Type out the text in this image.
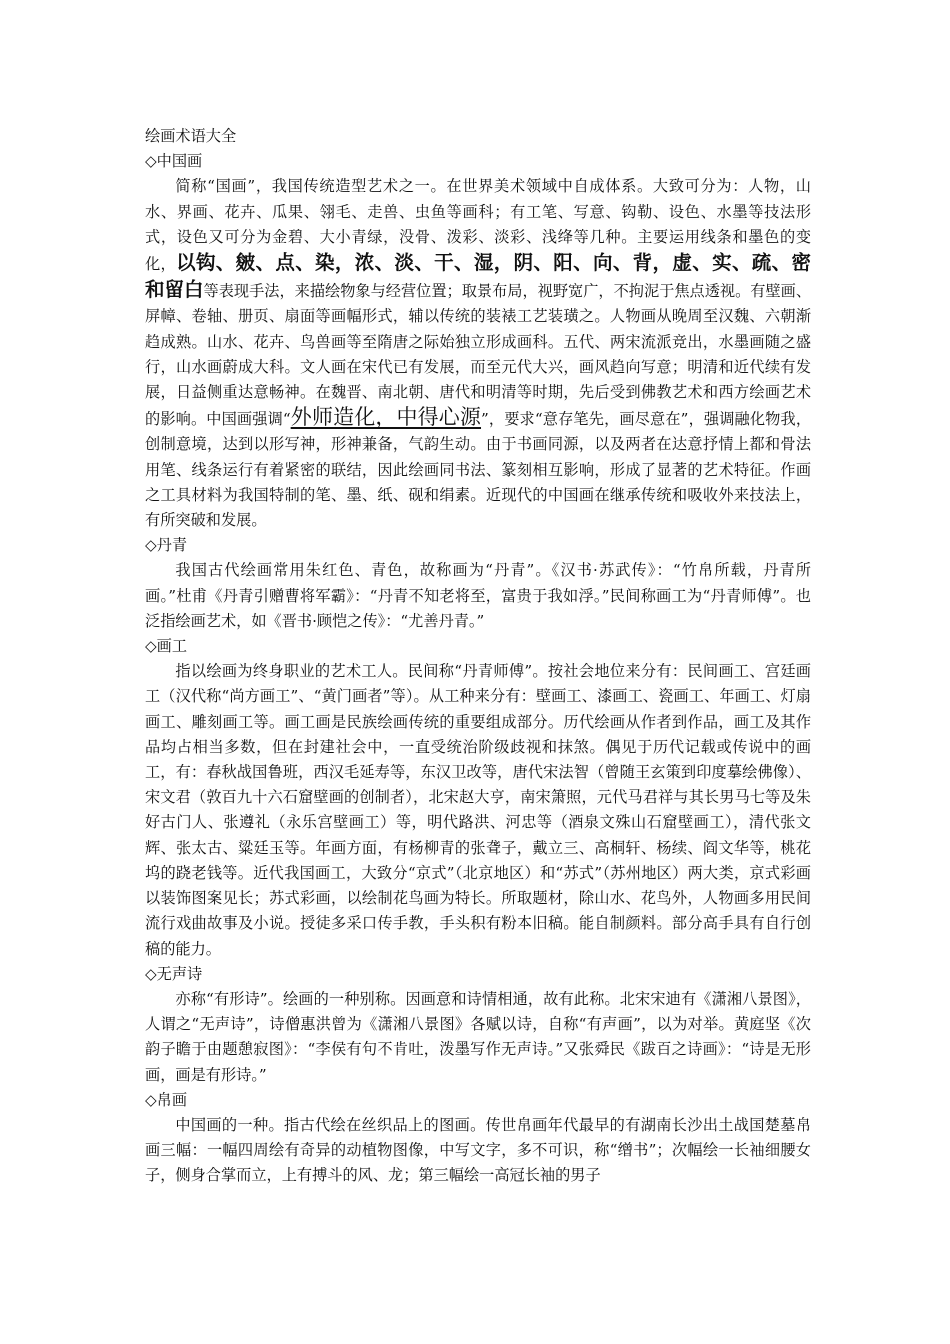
绘画术语大全
◇中国画

简称“国画”，我国传统造型艺术之一。在世界美术领域中自成体系。大致可分为：人物，山水、界画、花卉、瓜果、翎毛、走兽、虫鱼等画科；有工笔、写意、钩勒、设色、水墨等技法形式，设色又可分为金碧、大小青绿，没骨、泼彩、淡彩、浅绛等几种。主要运用线条和墨色的变化，以钩、皴、点、染，浓、淡、干、湿，阴、阳、向、背，虚、实、疏、密和留白等表现手法，来描绘物象与经营位置；取景布局，视野宽广，不拘泥于焦点透视。有壁画、屏幛、卷轴、册页、扇面等画幅形式，辅以传统的装裱工艺装璜之。人物画从晚周至汉魏、六朝渐趋成熟。山水、花卉、鸟兽画等至隋唐之际始独立形成画科。五代、两宋流派竞出，水墨画随之盛行，山水画蔚成大科。文人画在宋代已有发展，而至元代大兴，画风趋向写意；明清和近代续有发展，日益侧重达意畅神。在魏晋、南北朝、唐代和明清等时期，先后受到佛教艺术和西方绘画艺术的影响。中国画强调“外师造化，中得心源”，要求“意存笔先，画尽意在”，强调融化物我，创制意境，达到以形写神，形神兼备，气韵生动。由于书画同源，以及两者在达意抒情上都和骨法用笔、线条运行有着紧密的联结，因此绘画同书法、篆刻相互影响，形成了显著的艺术特征。作画之工具材料为我国特制的笔、墨、纸、砚和绢素。近现代的中国画在继承传统和吸收外来技法上，有所突破和发展。

◇丹青

我国古代绘画常用朱红色、青色，故称画为“丹青”。《汉书·苏武传》：“竹帛所载，丹青所画。”杜甫《丹青引赠曹将军霸》：“丹青不知老将至，富贵于我如浮。”民间称画工为“丹青师傅”。也泛指绘画艺术，如《晋书·顾恺之传》：“尤善丹青。”

◇画工

指以绘画为终身职业的艺术工人。民间称“丹青师傅”。按社会地位来分有：民间画工、宫廷画工（汉代称“尚方画工”、“黄门画者”等）。从工种来分有：壁画工、漆画工、瓷画工、年画工、灯扇画工、雕刻画工等。画工画是民族绘画传统的重要组成部分。历代绘画从作者到作品，画工及其作品均占相当多数，但在封建社会中，一直受统治阶级歧视和抹煞。偶见于历代记载或传说中的画工，有：春秋战国鲁班，西汉毛延寿等，东汉卫改等，唐代宋法智（曾随王玄策到印度摹绘佛像）、宋文君（敦百九十六石窟壁画的创制者），北宋赵大亨，南宋箫照，元代马君祥与其长男马七等及朱好古门人、张遵礼（永乐宫壁画工）等，明代路洪、河忠等（酒泉文殊山石窟壁画工），清代张文辉、张太古、粱廷玉等。年画方面，有杨柳青的张聋子，戴立三、高桐轩、杨续、阎文华等，桃花坞的跷老钱等。近代我国画工，大致分“京式”（北京地区）和“苏式”（苏州地区）两大类，京式彩画以装饰图案见长；苏式彩画，以绘制花鸟画为特长。所取题材，除山水、花鸟外，人物画多用民间流行戏曲故事及小说。授徒多采口传手教，手头积有粉本旧稿。能自制颜料。部分高手具有自行创稿的能力。

◇无声诗

亦称“有形诗”。绘画的一种别称。因画意和诗情相通，故有此称。北宋宋迪有《潇湘八景图》，人谓之“无声诗”，诗僧惠洪曾为《潇湘八景图》各赋以诗，自称“有声画”，以为对举。黄庭坚《次韵子瞻于由题憩寂图》：“李侯有句不肯吐，泼墨写作无声诗。”又张舜民《跋百之诗画》：“诗是无形画，画是有形诗。”

◇帛画

中国画的一种。指古代绘在丝织品上的图画。传世帛画年代最早的有湖南长沙出土战国楚墓帛画三幅：一幅四周绘有奇异的动植物图像，中写文字，多不可识，称“缯书”；次幅绘一长袖细腰女子，侧身合掌而立，上有搏斗的风、龙；第三幅绘一高冠长袖的男子
